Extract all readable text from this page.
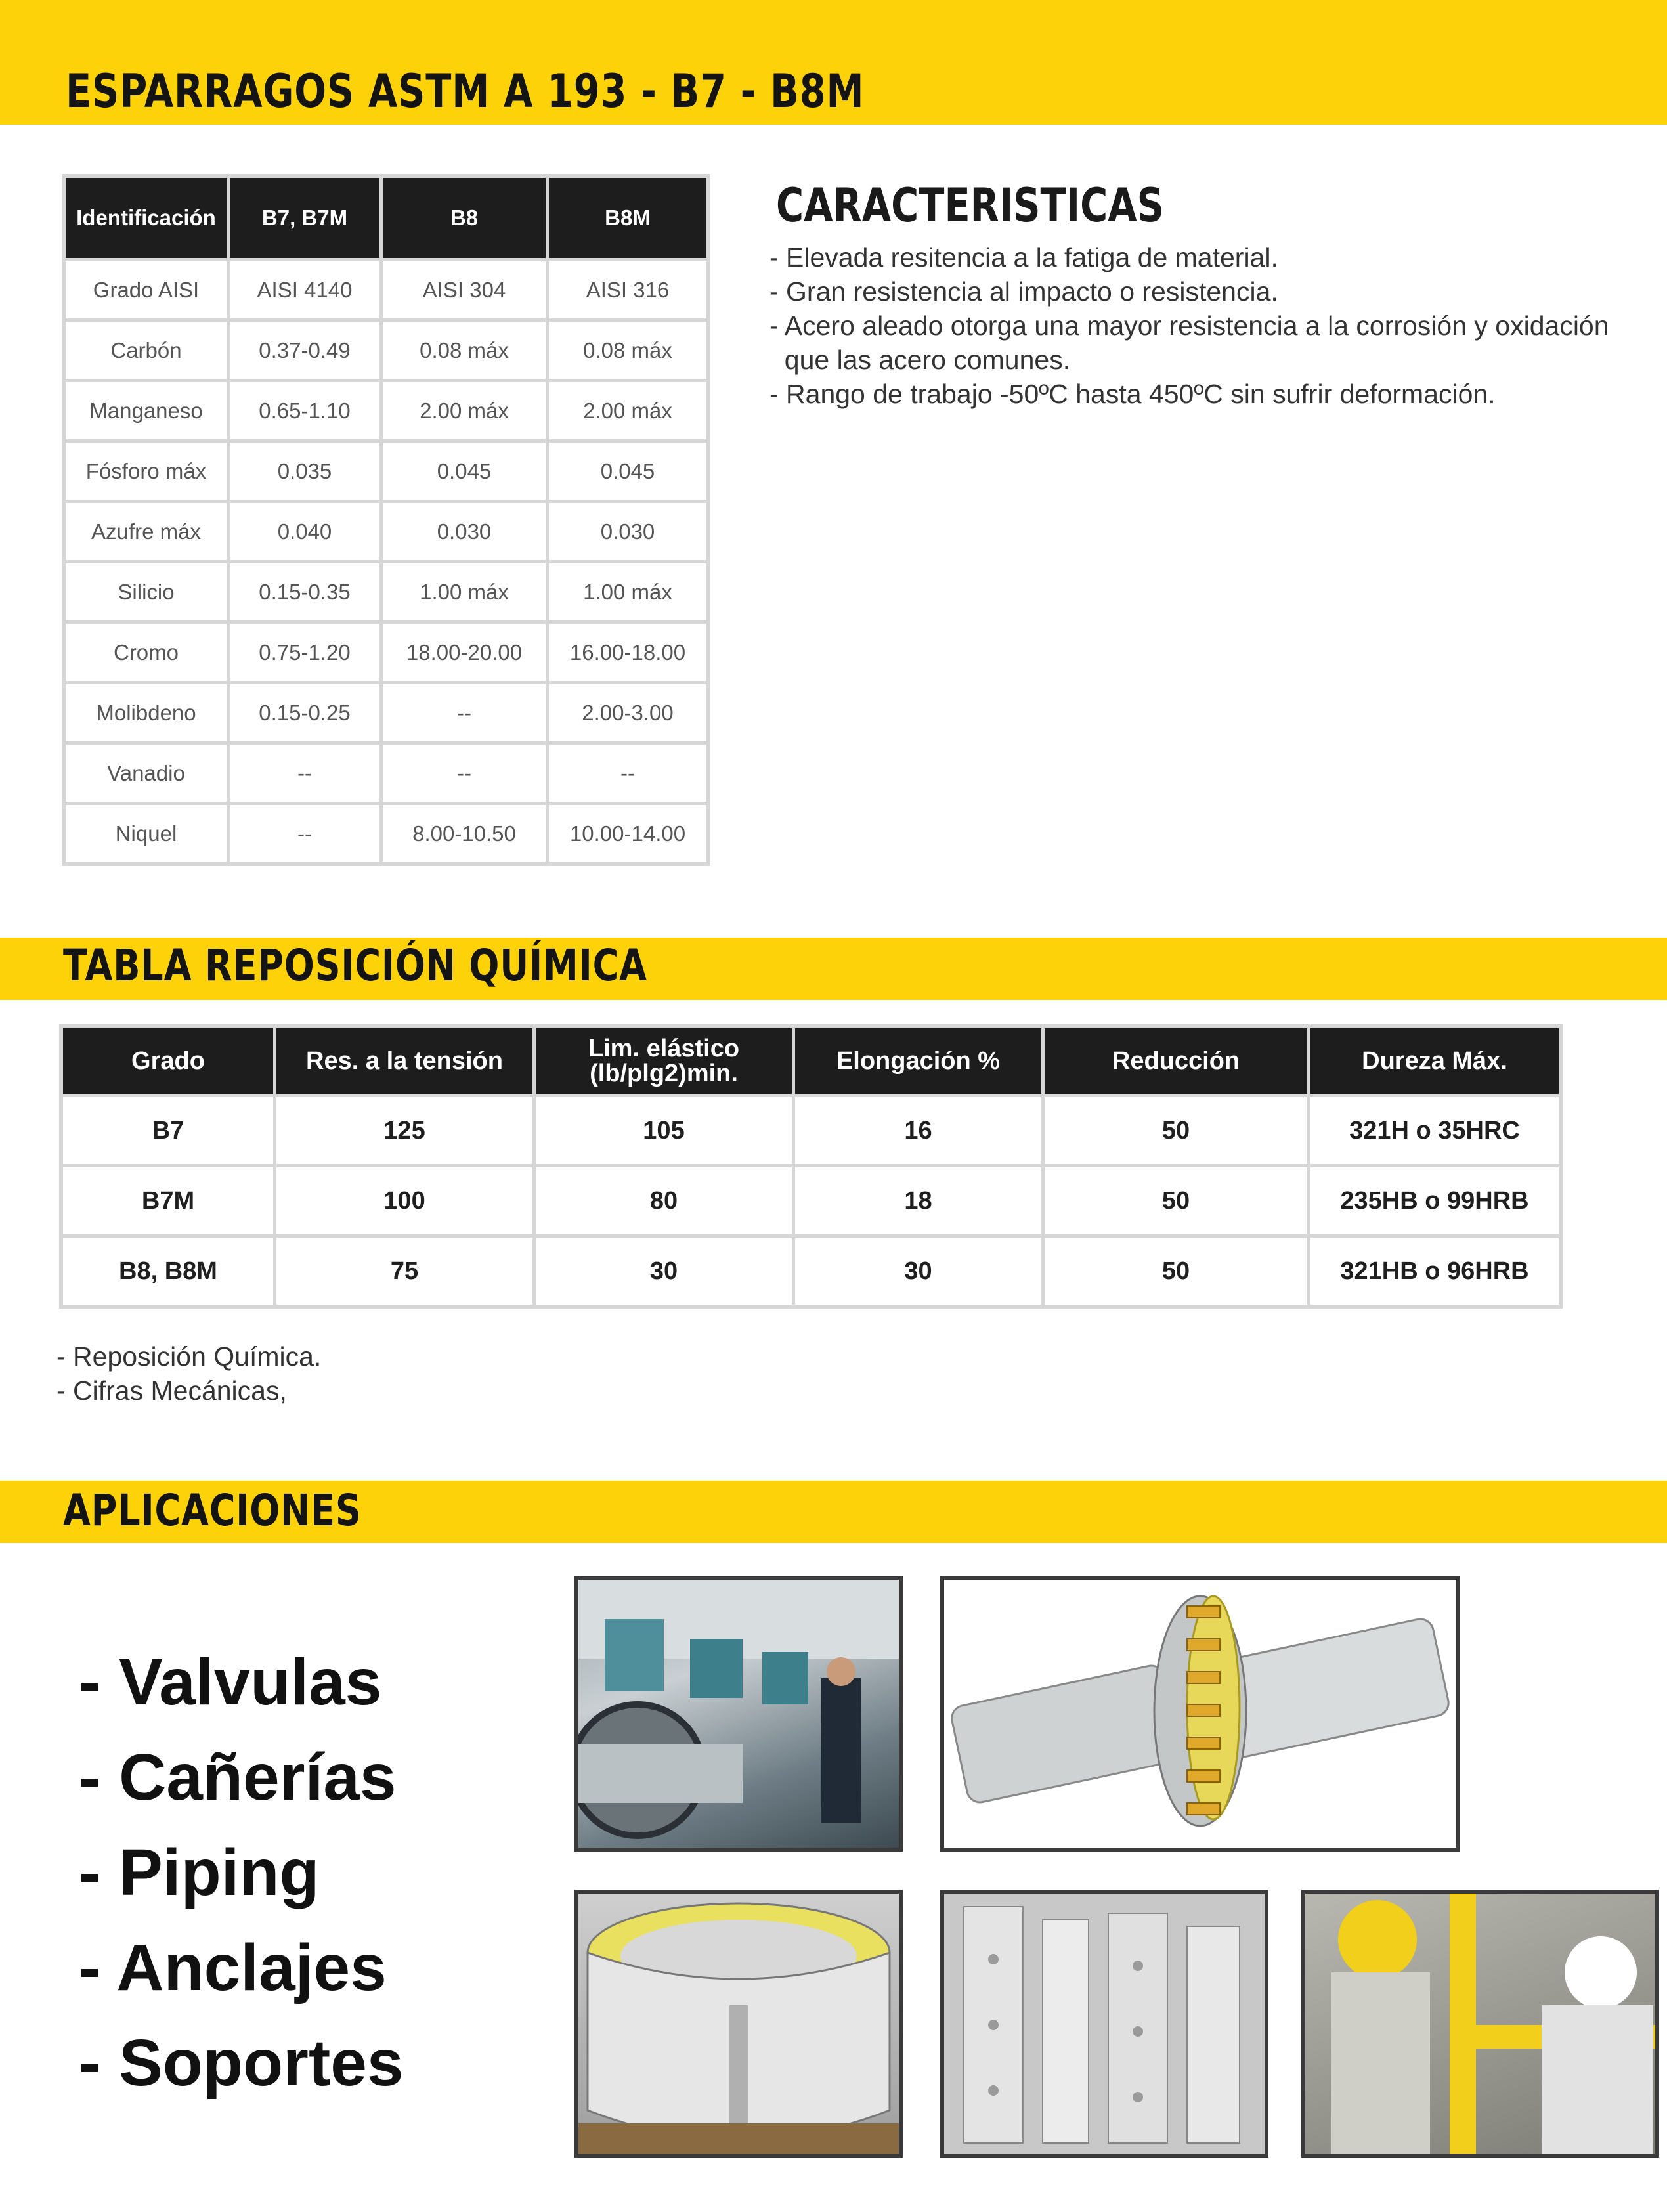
ESPARRAGOS ASTM A 193 - B7 - B8M
Identificación	B7, B7M	B8	B8M
Grado AISI	AISI 4140	AISI 304	AISI 316
Carbón	0.37-0.49	0.08 máx	0.08 máx
Manganeso	0.65-1.10	2.00 máx	2.00 máx
Fósforo máx	0.035	0.045	0.045
Azufre máx	0.040	0.030	0.030
Silicio	0.15-0.35	1.00 máx	1.00 máx
Cromo	0.75-1.20	18.00-20.00	16.00-18.00
Molibdeno	0.15-0.25	--	2.00-3.00
Vanadio	--	--	--
Niquel	--	8.00-10.50	10.00-14.00
CARACTERISTICAS

- Elevada resitencia a la fatiga de material.

- Gran resistencia al impacto o resistencia.

- Acero aleado otorga una mayor resistencia a la corrosión y oxidación

que las acero comunes.

- Rango de trabajo -50ºC hasta 450ºC sin sufrir deformación.

TABLA REPOSICIÓN QUÍMICA
Grado	Res. a la tensión	Lim. elástico (lb/plg2)min.	Elongación %	Reducción	Dureza Máx.
B7	125	105	16	50	321H o 35HRC
B7M	100	80	18	50	235HB o 99HRB
B8, B8M	75	30	30	50	321HB o 96HRB

- Reposición Química.

- Cifras Mecánicas,

APLICACIONES

- Valvulas

- Cañerías

- Piping

- Anclajes

- Soportes
